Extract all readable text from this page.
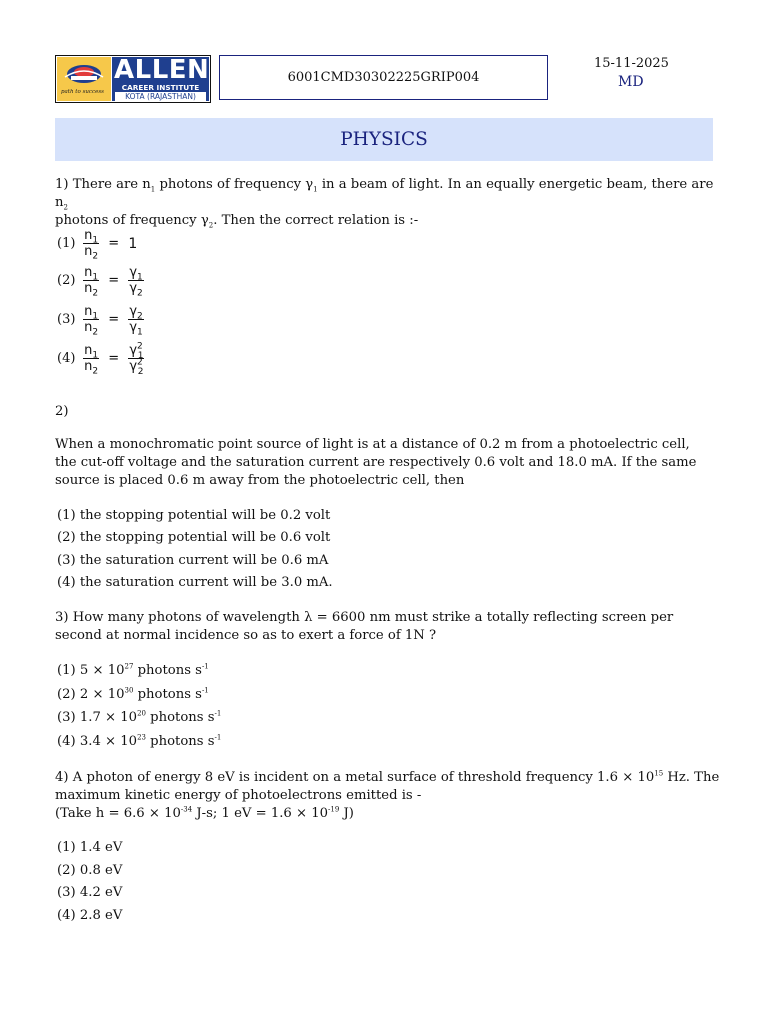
path to success
ALLEN
CAREER INSTITUTE
KOTA (RAJASTHAN)
6001CMD30302225GRIP004
15-11-2025
MD
PHYSICS
1) There are $n_1$ photons of frequency $\gamma_1$ in a beam of light. In an equally energetic beam, there are $n_2$
photons of frequency $\gamma_2$. Then the correct relation is :-
$(1) \frac{n_1}{n_2} = 1$
$(2) \frac{n_1}{n_2} = \frac{\gamma_1}{\gamma_2}$
$(3) \frac{n_1}{n_2} = \frac{\gamma_2}{\gamma_1}$
$(4) \frac{n_1}{n_2} = \frac{\gamma^2_1}{\gamma^2_2}$
2)
When a monochromatic point source of light is at a distance of 0.2 m from a photoelectric cell, the cut-off voltage and the saturation current are respectively 0.6 volt and 18.0 mA. If the same source is placed 0.6 m away from the photoelectric cell, then
(1) the stopping potential will be 0.2 volt
(2) the stopping potential will be 0.6 volt
(3) the saturation current will be 0.6 mA
(4) the saturation current will be 3.0 mA.
3) How many photons of wavelength λ = 6600 nm must strike a totally reflecting screen per second at normal incidence so as to exert a force of 1N ?
(1) $5 \times 10^{27}$ photons $s^{-1}$
(2) $2 \times 10^{30}$ photons $s^{-1}$
(3) $1.7 \times 10^{20}$ photons $s^{-1}$
(4) $3.4 \times 10^{23}$ photons $s^{-1}$
4) A photon of energy 8 eV is incident on a metal surface of threshold frequency $1.6 \times 10^{15}$ Hz. The
maximum kinetic energy of photoelectrons emitted is -
(Take $h = 6.6 \times 10^{-34}$ J-s; 1 eV = $1.6 \times 10^{-19}$ J)
(1) 1.4 eV
(2) 0.8 eV
(3) 4.2 eV
(4) 2.8 eV
